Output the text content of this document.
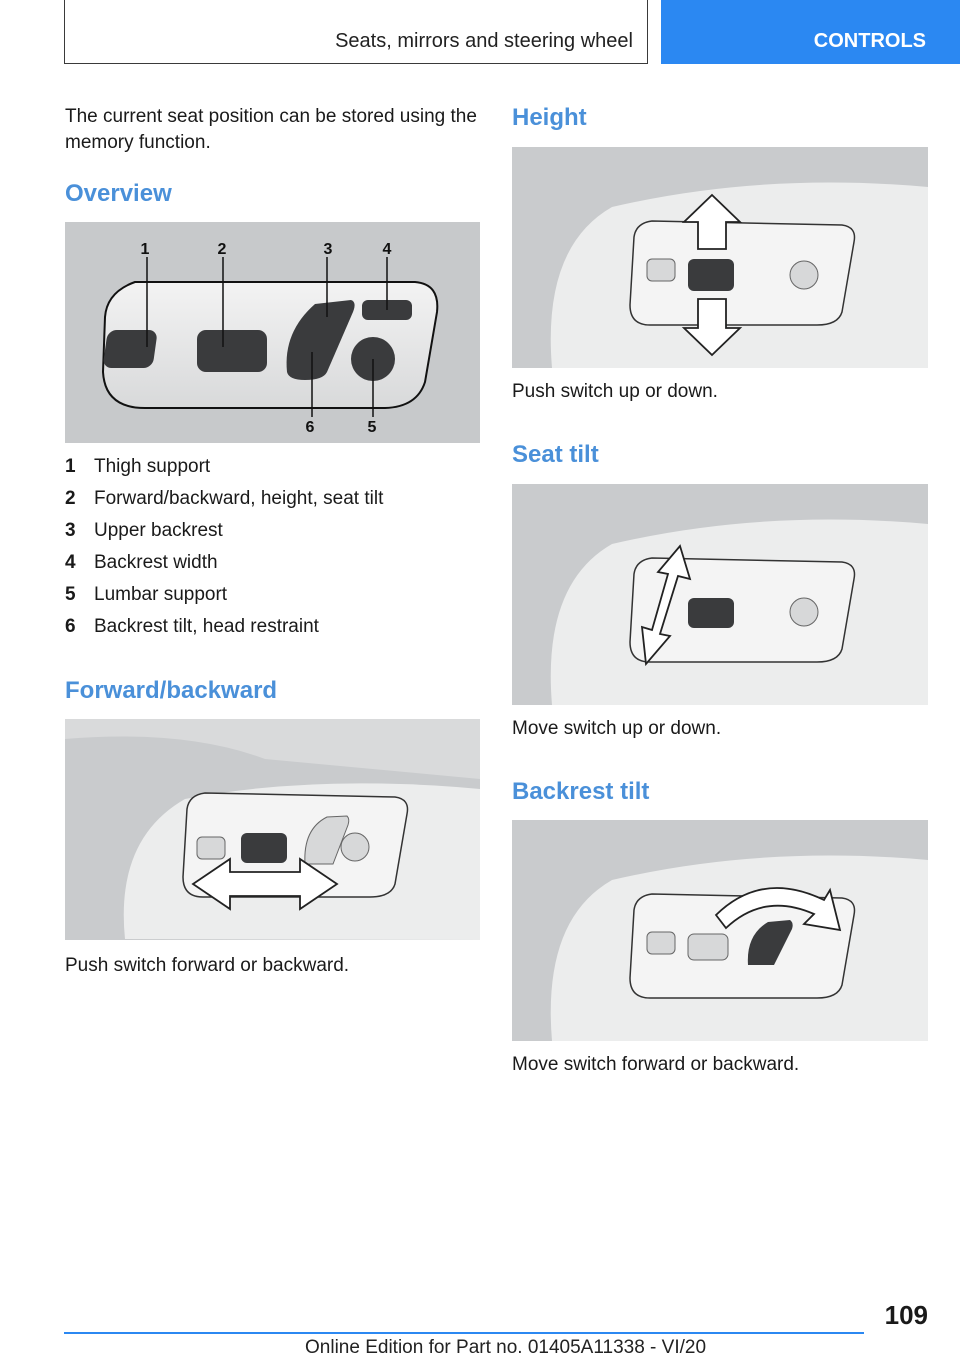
Seats, mirrors and steering wheel	CONTROLS

The current seat position can be stored using the memory function.

Overview
1	2	3	4
6	5
1 Thigh support
2 Forward/backward, height, seat tilt
3 Upper backrest
4 Backrest width
5 Lumbar support
6 Backrest tilt, head restraint
Forward/backward

Push switch forward or backward.

Height

Push switch up or down.

Seat tilt

Move switch up or down.

Backrest tilt

Move switch forward or backward.

109
Online Edition for Part no. 01405A11338 - VI/20
